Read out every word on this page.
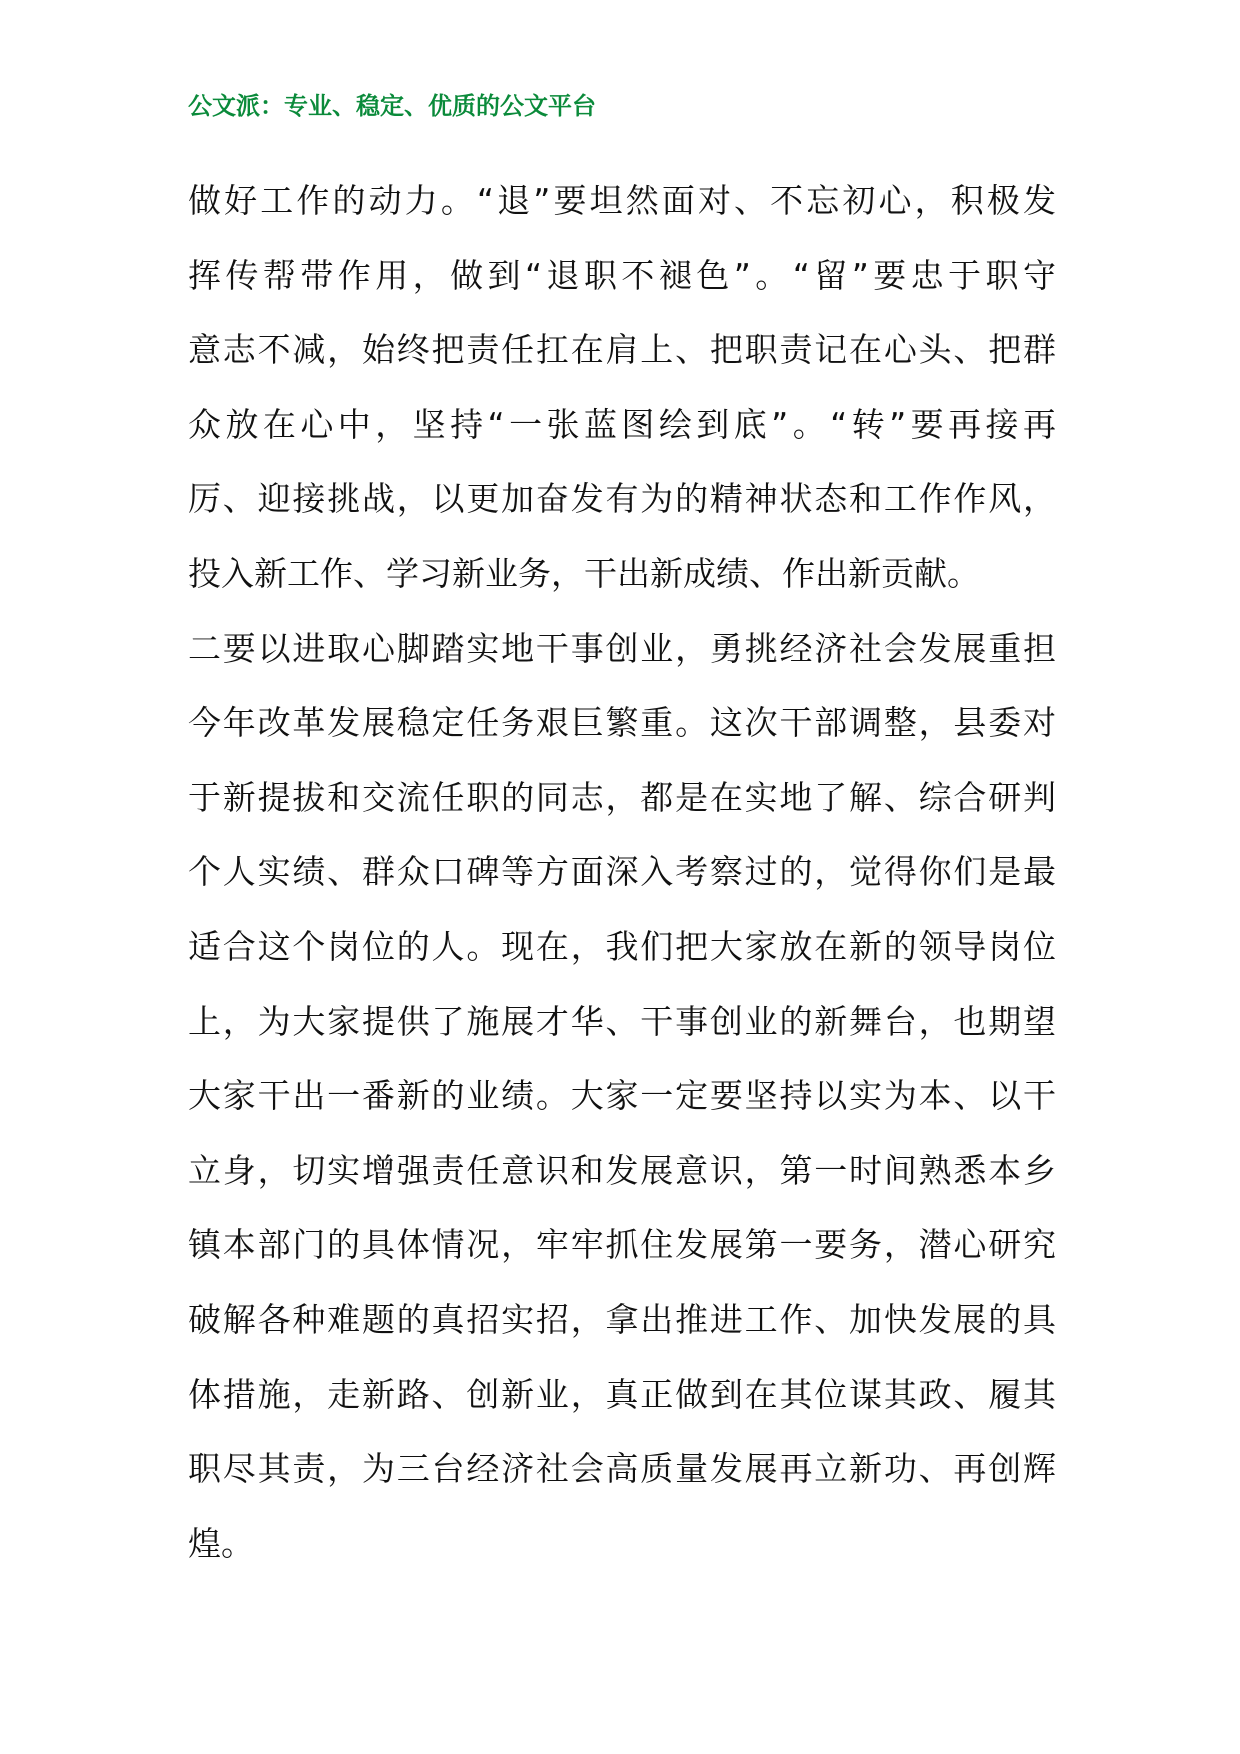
公文派：专业、稳定、优质的公文平台
做好工作的动力。“退”要坦然面对、不忘初心，积极发
挥传帮带作用，做到“退职不褪色”。“留”要忠于职守
意志不减，始终把责任扛在肩上、把职责记在心头、把群
众放在心中，坚持“一张蓝图绘到底”。“转”要再接再
厉、迎接挑战，以更加奋发有为的精神状态和工作作风，
投入新工作、学习新业务，干出新成绩、作出新贡献。
二要以进取心脚踏实地干事创业，勇挑经济社会发展重担
今年改革发展稳定任务艰巨繁重。这次干部调整，县委对
于新提拔和交流任职的同志，都是在实地了解、综合研判
个人实绩、群众口碑等方面深入考察过的，觉得你们是最
适合这个岗位的人。现在，我们把大家放在新的领导岗位
上，为大家提供了施展才华、干事创业的新舞台，也期望
大家干出一番新的业绩。大家一定要坚持以实为本、以干
立身，切实增强责任意识和发展意识，第一时间熟悉本乡
镇本部门的具体情况，牢牢抓住发展第一要务，潜心研究
破解各种难题的真招实招，拿出推进工作、加快发展的具
体措施，走新路、创新业，真正做到在其位谋其政、履其
职尽其责，为三台经济社会高质量发展再立新功、再创辉
煌。
